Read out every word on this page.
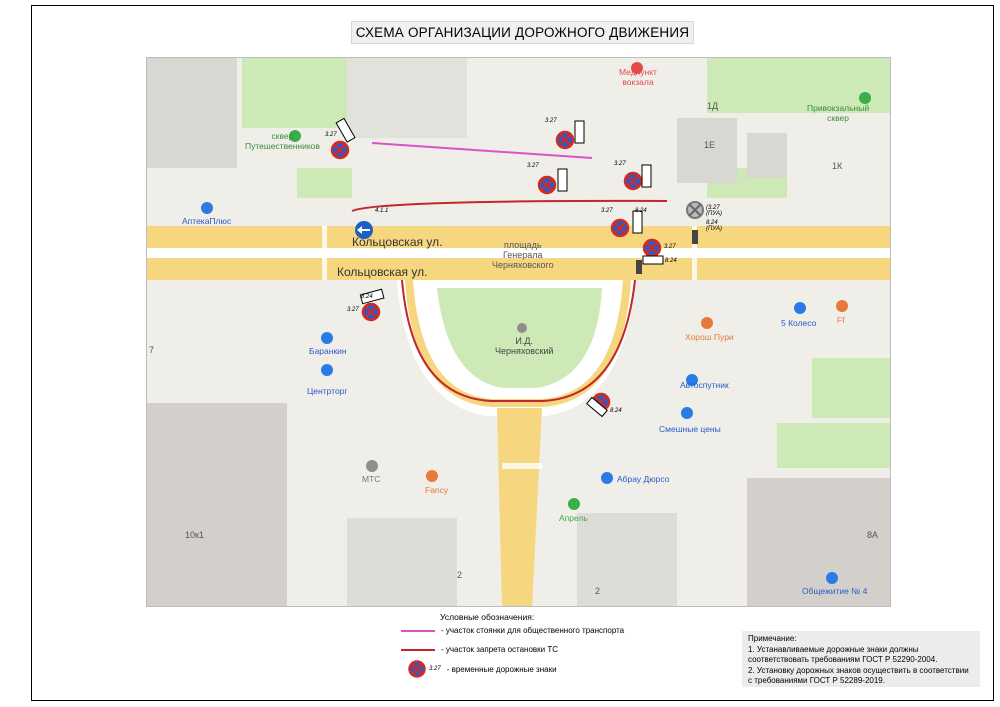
СХЕМА ОРГАНИЗАЦИИ ДОРОЖНОГО ДВИЖЕНИЯ
Кольцовская ул.
Кольцовская ул.
площадь
Генерала
Черняховского
И.Д.
Черняховский
Медпункт
вокзала
сквер
Путешественников
Привокзальный
сквер
АптекаПлюс
Баранкин
Центрторг
МТС
Fancy
Апрель
Абрау Дюрсо
Смешные цены
Автоспутник
Хорош Пури
5 Колесо Ff
Общежитие № 4
1Д
1Е
1К
10к1
2
2
8А
7
3.27
3.27	3.27
3.27	8.24
3.27
8.24
3.27
3.27
8.24
4.1.1
8.24
(3.27
(ПУА)
8.24
(ПУА)
Условные обозначения:
- участок стоянки для общественного транспорта
- участок запрета остановки ТС
3.27 - временные дорожные знаки
Примечание:
1. Устанавливаемые дорожные знаки должны соответствовать требованиям ГОСТ Р 52290-2004.
2. Установку дорожных знаков осуществить в соответствии с требованиями ГОСТ Р 52289-2019.
